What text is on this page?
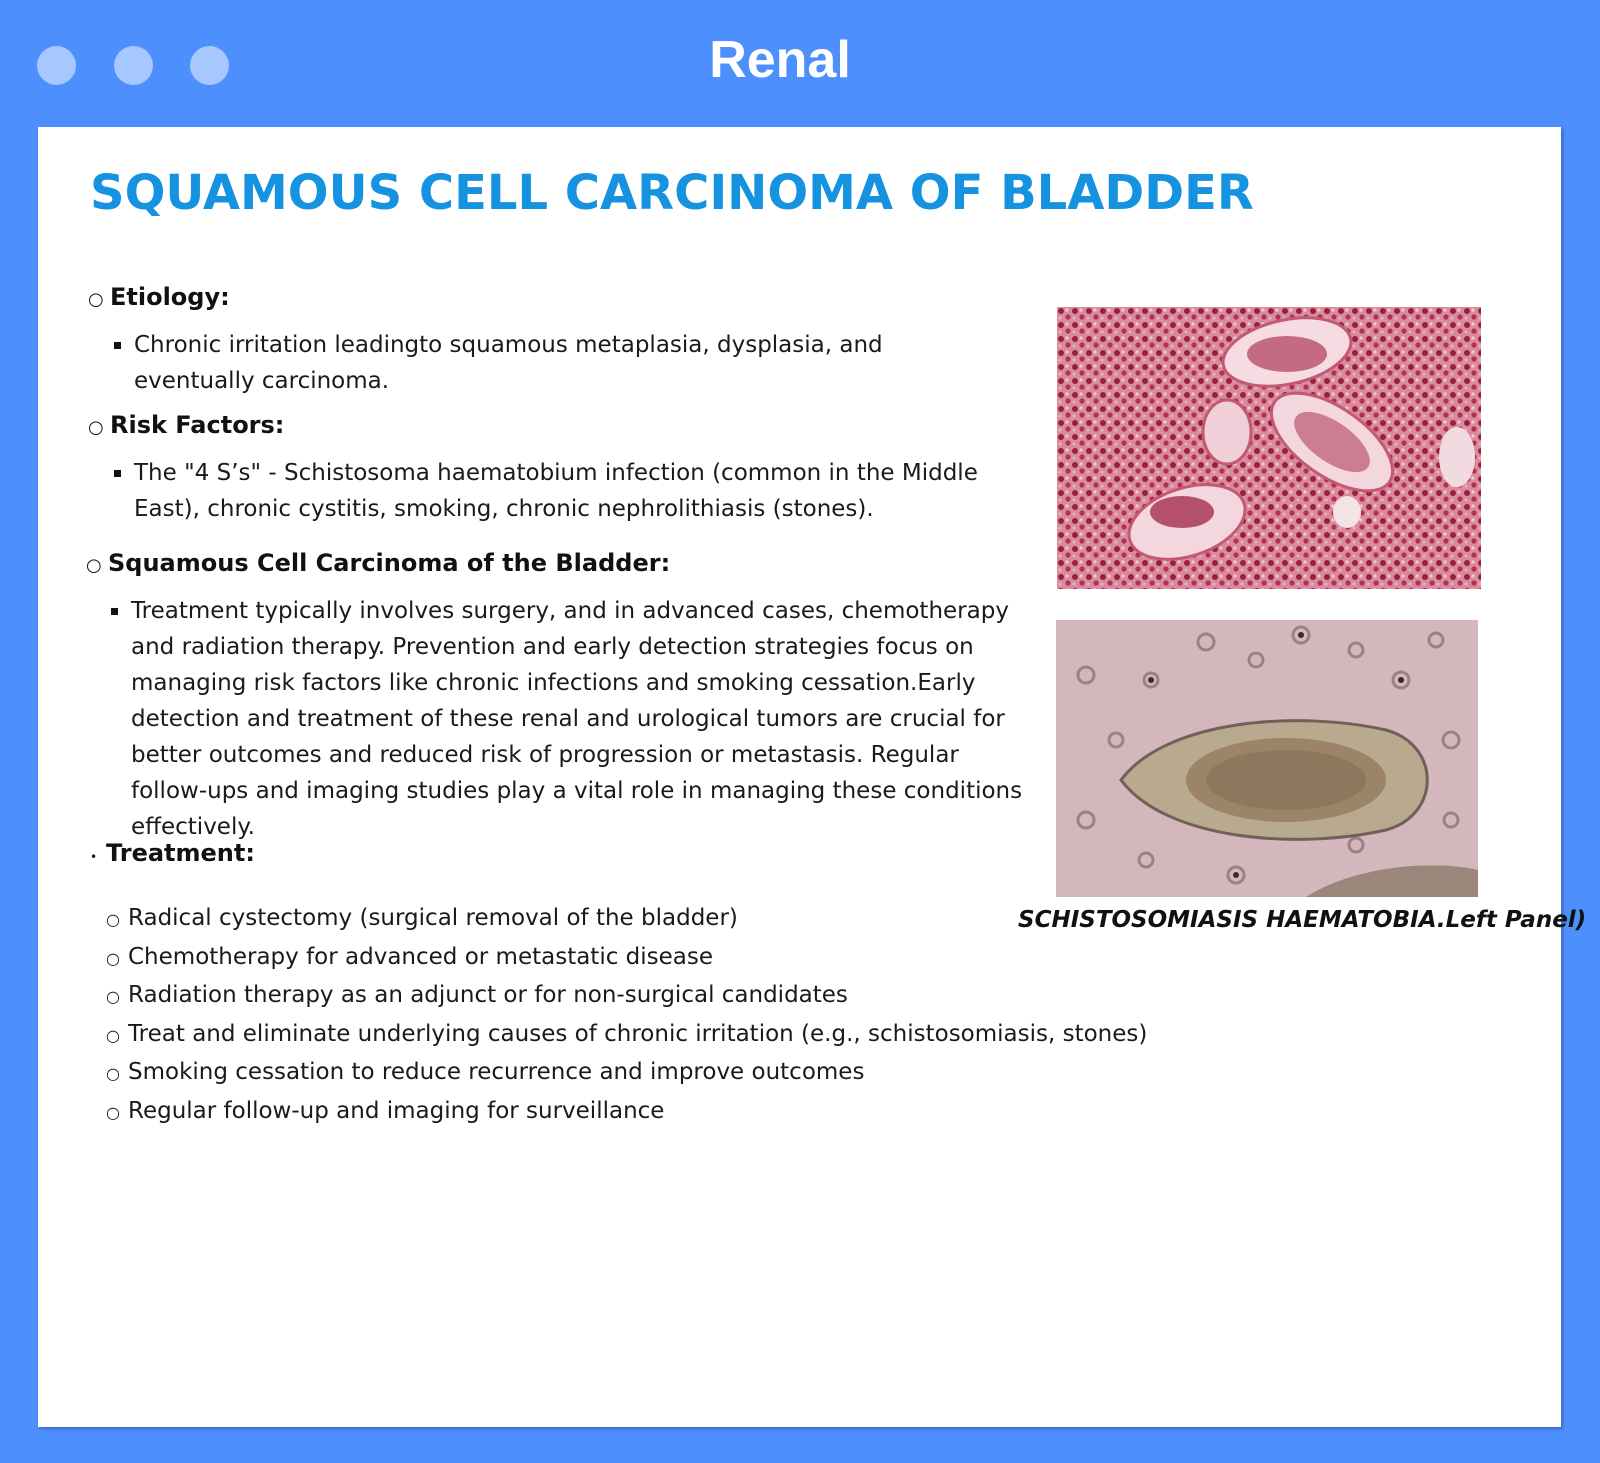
Renal
SQUAMOUS CELL CARCINOMA OF BLADDER
○ Etiology:
Chronic irritation leadingto squamous metaplasia, dysplasia, and eventually carcinoma.
○ Risk Factors:
The "4 S’s" - Schistosoma haematobium infection (common in the Middle East), chronic cystitis, smoking, chronic nephrolithiasis (stones).
○ Squamous Cell Carcinoma of the Bladder:
Treatment typically involves surgery, and in advanced cases, chemotherapy and radiation therapy. Prevention and early detection strategies focus on managing risk factors like chronic infections and smoking cessation.Early detection and treatment of these renal and urological tumors are crucial for better outcomes and reduced risk of progression or metastasis. Regular follow-ups and imaging studies play a vital role in managing these conditions effectively.
• Treatment:
○ Radical cystectomy (surgical removal of the bladder)
○ Chemotherapy for advanced or metastatic disease
○ Radiation therapy as an adjunct or for non-surgical candidates
○ Treat and eliminate underlying causes of chronic irritation (e.g., schistosomiasis, stones)
○ Smoking cessation to reduce recurrence and improve outcomes
○ Regular follow-up and imaging for surveillance
SCHISTOSOMIASIS HAEMATOBIA.Left Panel)
